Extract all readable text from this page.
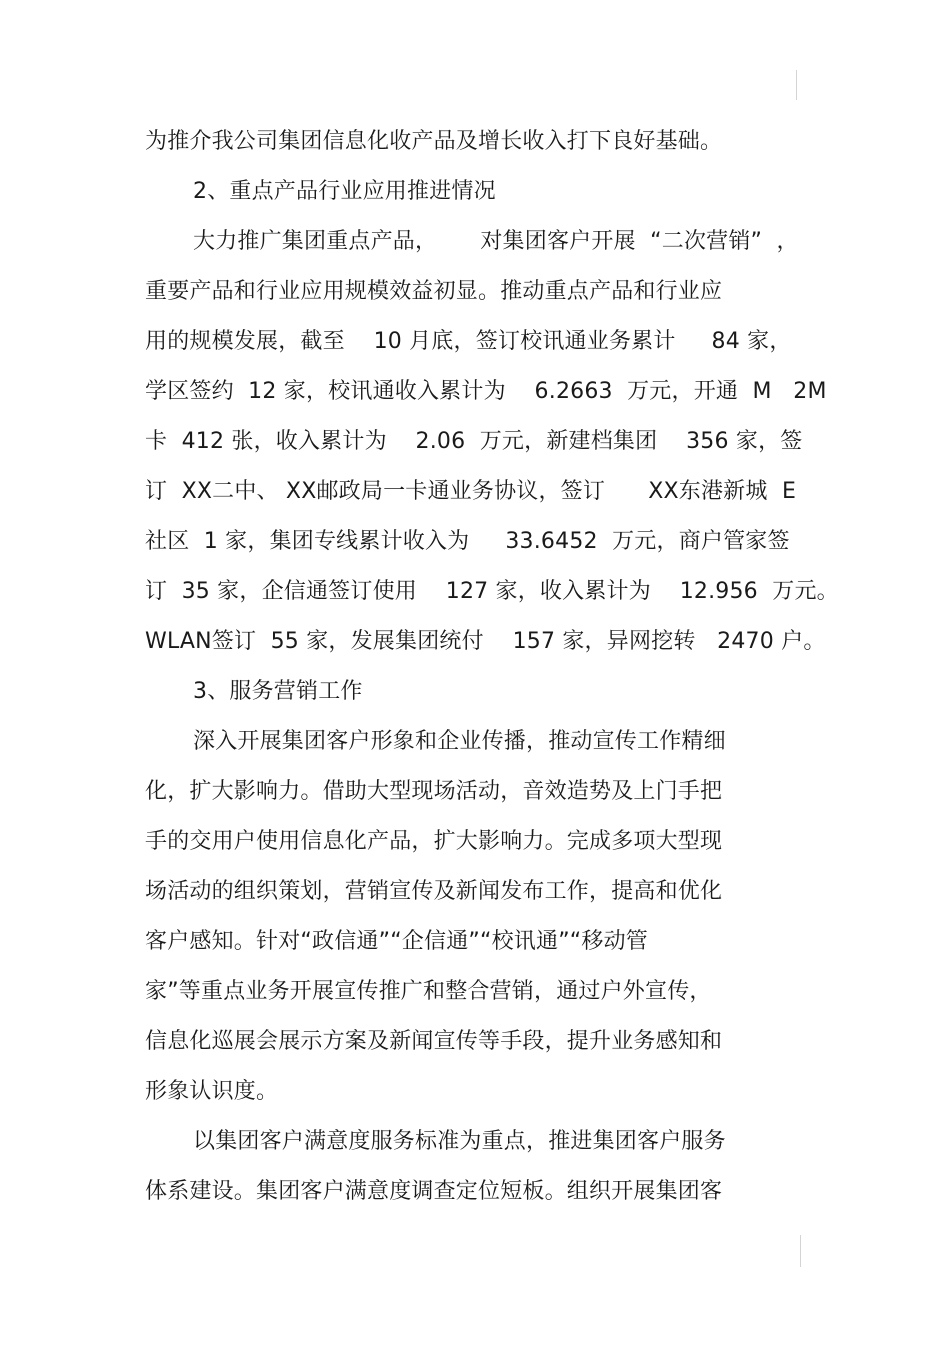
为推介我公司集团信息化收产品及增长收入打下良好基础。
2、重点产品行业应用推进情况
大力推广集团重点产品，      对集团客户开展  “二次营销”  ，
重要产品和行业应用规模效益初显。推动重点产品和行业应
用的规模发展，截至    10 月底，签订校讯通业务累计     84 家，
学区签约  12 家，校讯通收入累计为    6.2663  万元，开通  M   2M
卡  412 张，收入累计为    2.06  万元，新建档集团    356 家，签
订  XX二中、 XX邮政局一卡通业务协议，签订      XX东港新城  E
社区  1 家，集团专线累计收入为     33.6452  万元，商户管家签
订  35 家，企信通签订使用    127 家，收入累计为    12.956  万元。
WLAN签订  55 家，发展集团统付    157 家，异网挖转   2470 户。
3、服务营销工作
深入开展集团客户形象和企业传播，推动宣传工作精细
化，扩大影响力。借助大型现场活动，音效造势及上门手把
手的交用户使用信息化产品，扩大影响力。完成多项大型现
场活动的组织策划，营销宣传及新闻发布工作，提高和优化
客户感知。针对“政信通”“企信通”“校讯通”“移动管
家”等重点业务开展宣传推广和整合营销，通过户外宣传，
信息化巡展会展示方案及新闻宣传等手段，提升业务感知和
形象认识度。
以集团客户满意度服务标准为重点，推进集团客户服务
体系建设。集团客户满意度调查定位短板。组织开展集团客
